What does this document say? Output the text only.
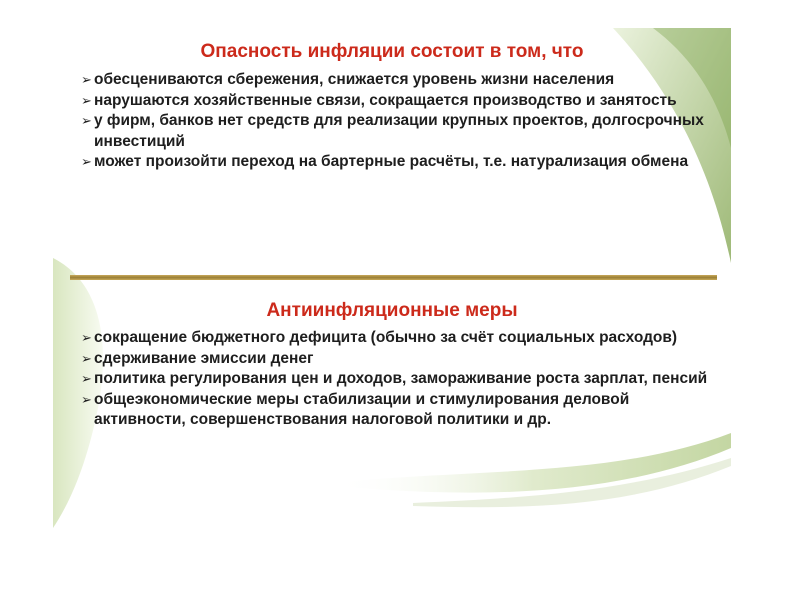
Опасность инфляции состоит в том, что
➢ обесцениваются сбережения, снижается уровень жизни населения
➢ нарушаются хозяйственные связи, сокращается производство и занятость
➢ у фирм, банков нет средств для реализации крупных проектов, долгосрочных инвестиций
➢ может произойти переход на бартерные расчёты, т.е. натурализация обмена
Антиинфляционные меры
➢ сокращение бюджетного дефицита (обычно за счёт социальных расходов)
➢ сдерживание эмиссии денег
➢ политика регулирования цен и доходов, замораживание роста зарплат, пенсий
➢ общеэкономические меры стабилизации и стимулирования деловой активности, совершенствования налоговой политики и др.
